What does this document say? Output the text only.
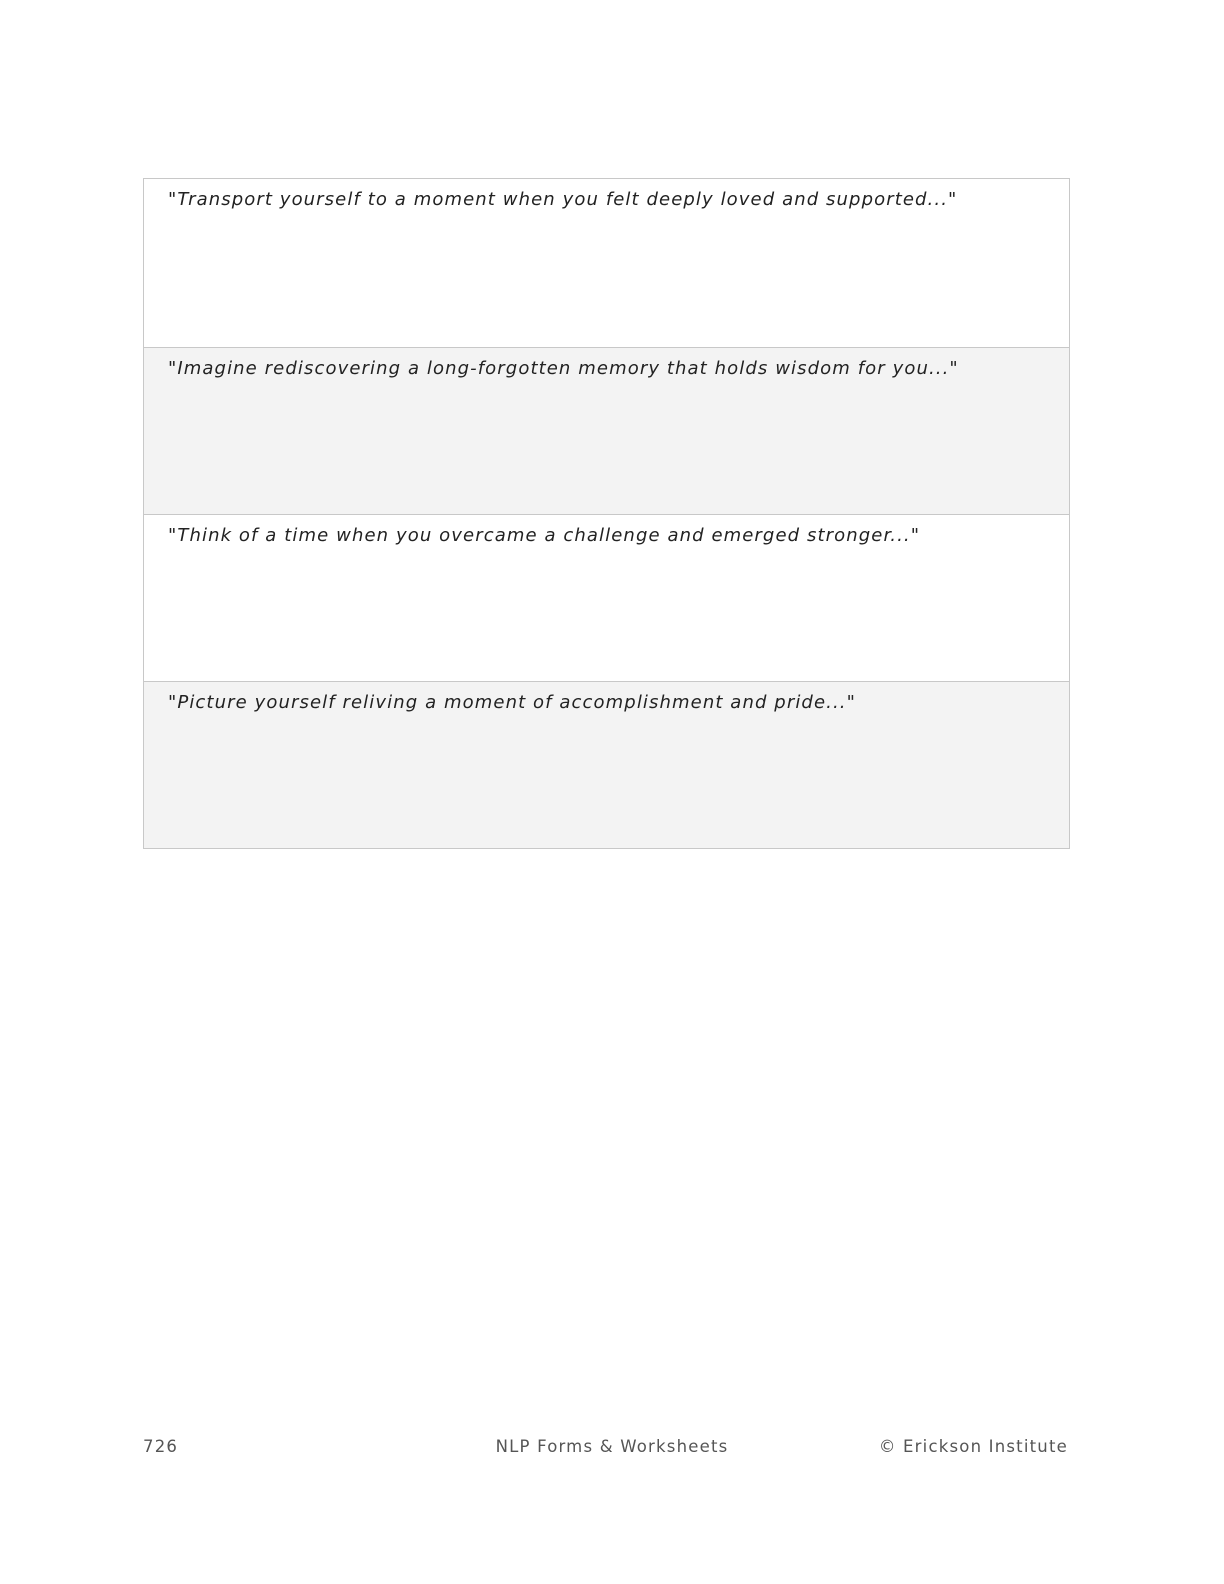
"Transport yourself to a moment when you felt deeply loved and supported..."
"Imagine rediscovering a long-forgotten memory that holds wisdom for you..."
"Think of a time when you overcame a challenge and emerged stronger..."
"Picture yourself reliving a moment of accomplishment and pride..."
726	NLP Forms & Worksheets	© Erickson Institute
